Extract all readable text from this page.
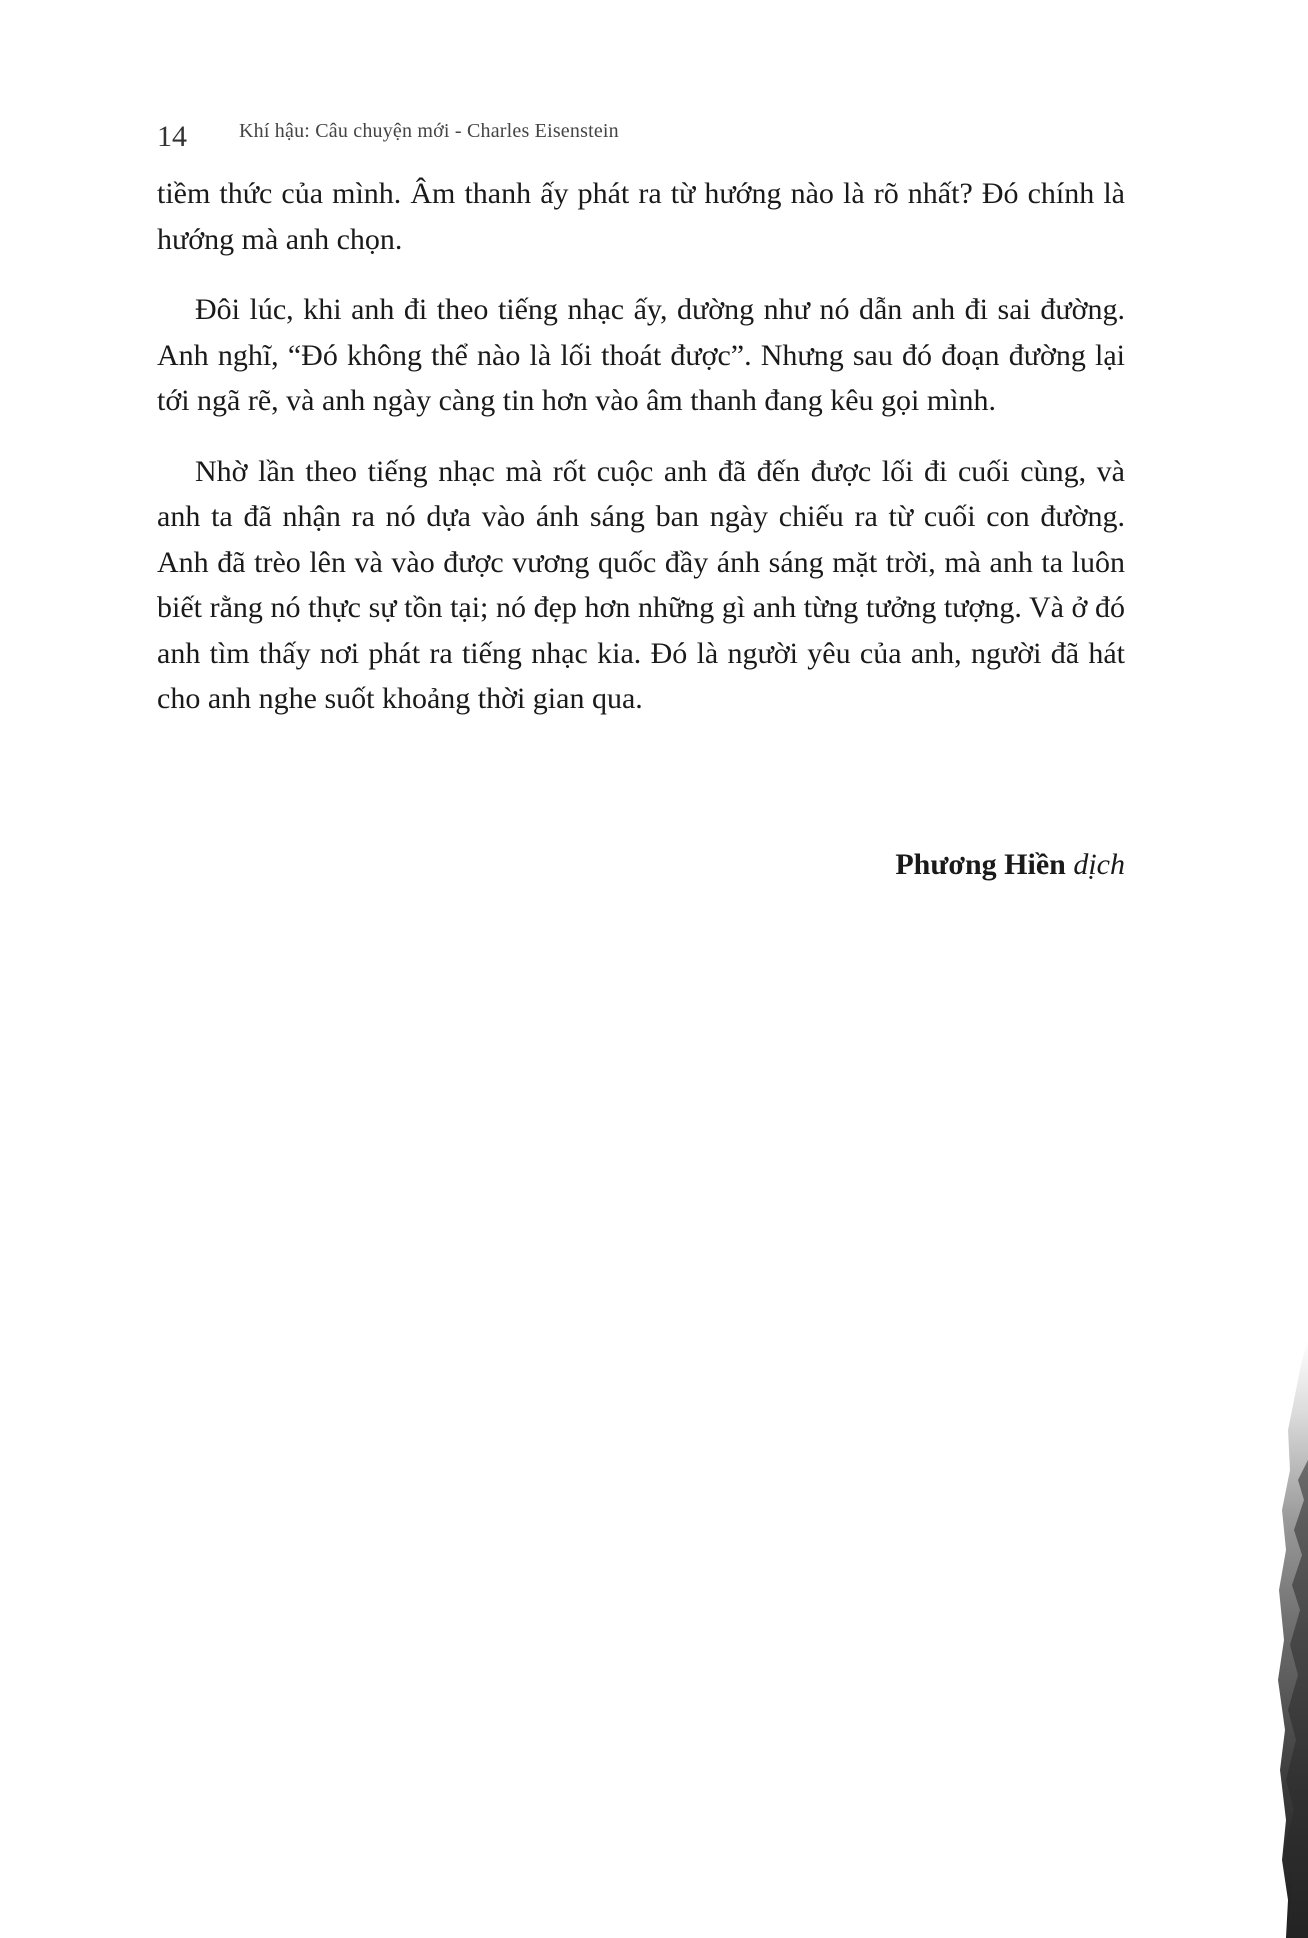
14	Khí hậu: Câu chuyện mới - Charles Eisenstein

tiềm thức của mình. Âm thanh ấy phát ra từ hướng nào là rõ nhất? Đó chính là hướng mà anh chọn.

Đôi lúc, khi anh đi theo tiếng nhạc ấy, dường như nó dẫn anh đi sai đường. Anh nghĩ, “Đó không thể nào là lối thoát được”. Nhưng sau đó đoạn đường lại tới ngã rẽ, và anh ngày càng tin hơn vào âm thanh đang kêu gọi mình.

Nhờ lần theo tiếng nhạc mà rốt cuộc anh đã đến được lối đi cuối cùng, và anh ta đã nhận ra nó dựa vào ánh sáng ban ngày chiếu ra từ cuối con đường. Anh đã trèo lên và vào được vương quốc đầy ánh sáng mặt trời, mà anh ta luôn biết rằng nó thực sự tồn tại; nó đẹp hơn những gì anh từng tưởng tượng. Và ở đó anh tìm thấy nơi phát ra tiếng nhạc kia. Đó là người yêu của anh, người đã hát cho anh nghe suốt khoảng thời gian qua.

Phương Hiền dịch
